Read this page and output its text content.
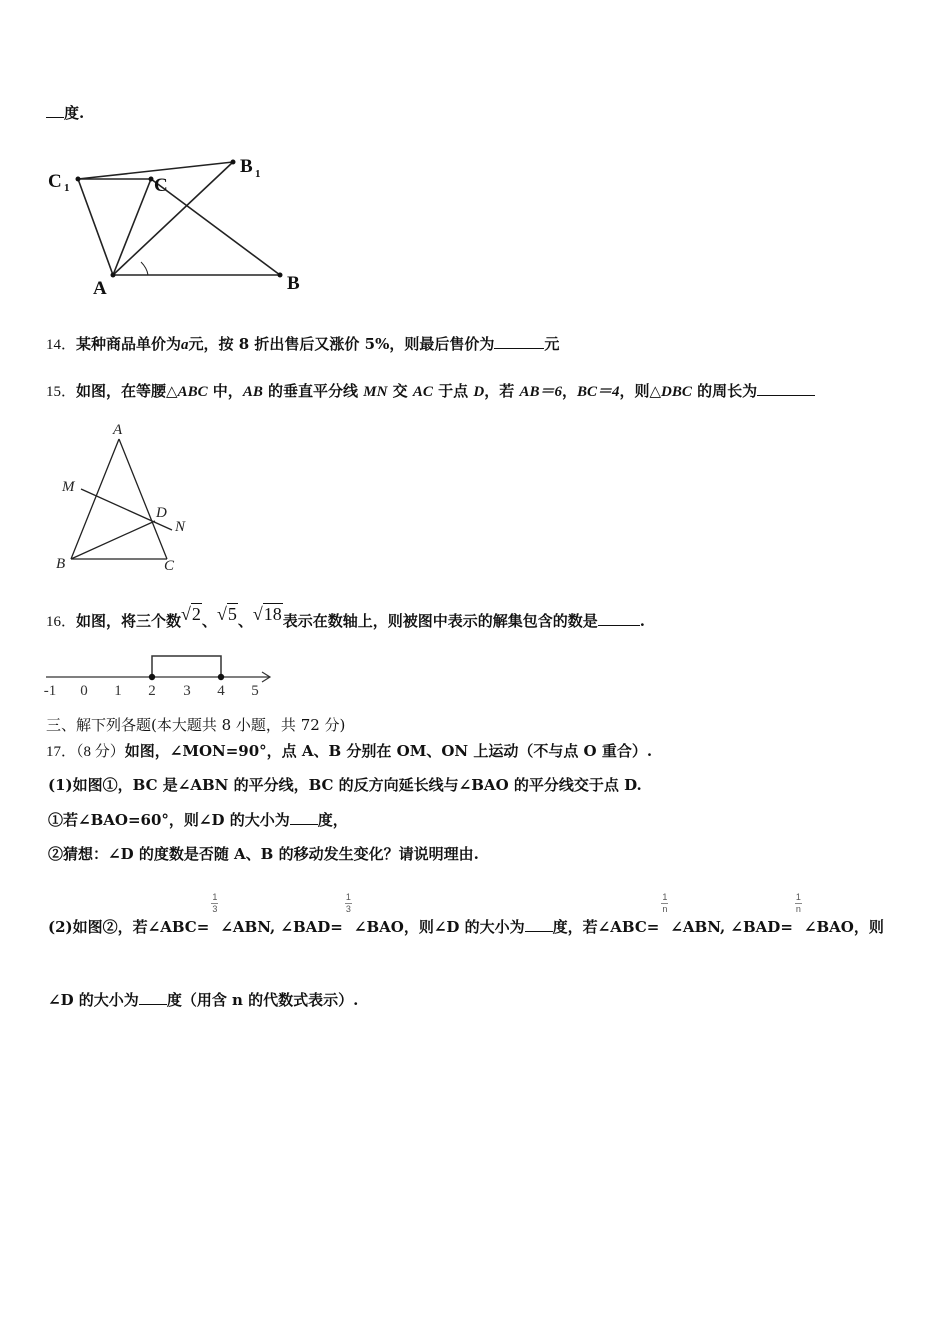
度.
C 1	C
B 1
A	B
14．某种商品单价为a元，按 8 折出售后又涨价 5%，则最后售价为	元
15．如图，在等腰△ABC 中，AB 的垂直平分线 MN 交 AC 于点 D，若 AB＝6，BC＝4，则△DBC 的周长为
A
M
D
N
B	C
16．如图，将三个数√2、√5、√18表示在数轴上，则被图中表示的解集包含的数是	.
-1 0 1 2 3 4 5
三、解下列各题(本大题共 8 小题，共 72 分)
17．（8 分）如图，∠MON=90°，点 A、B 分别在 OM、ON 上运动（不与点 O 重合）.
(1)如图①，BC 是∠ABN 的平分线，BC 的反方向延长线与∠BAO 的平分线交于点 D.
①若∠BAO=60°，则∠D 的大小为 度，
②猜想：∠D 的度数是否随 A、B 的移动发生变化？请说明理由.
(2)如图②，若∠ABC=
$\frac{1}{3}\angle ABN$, ∠BAD=
$\frac{1}{3}\angle BAO$，则∠D 的大小为 度，若∠ABC=
$\frac{1}{n}\angle ABN$, ∠BAD=
$\frac{1}{n}\angle BAO$，则
∠D 的大小为 度（用含 n 的代数式表示）.
